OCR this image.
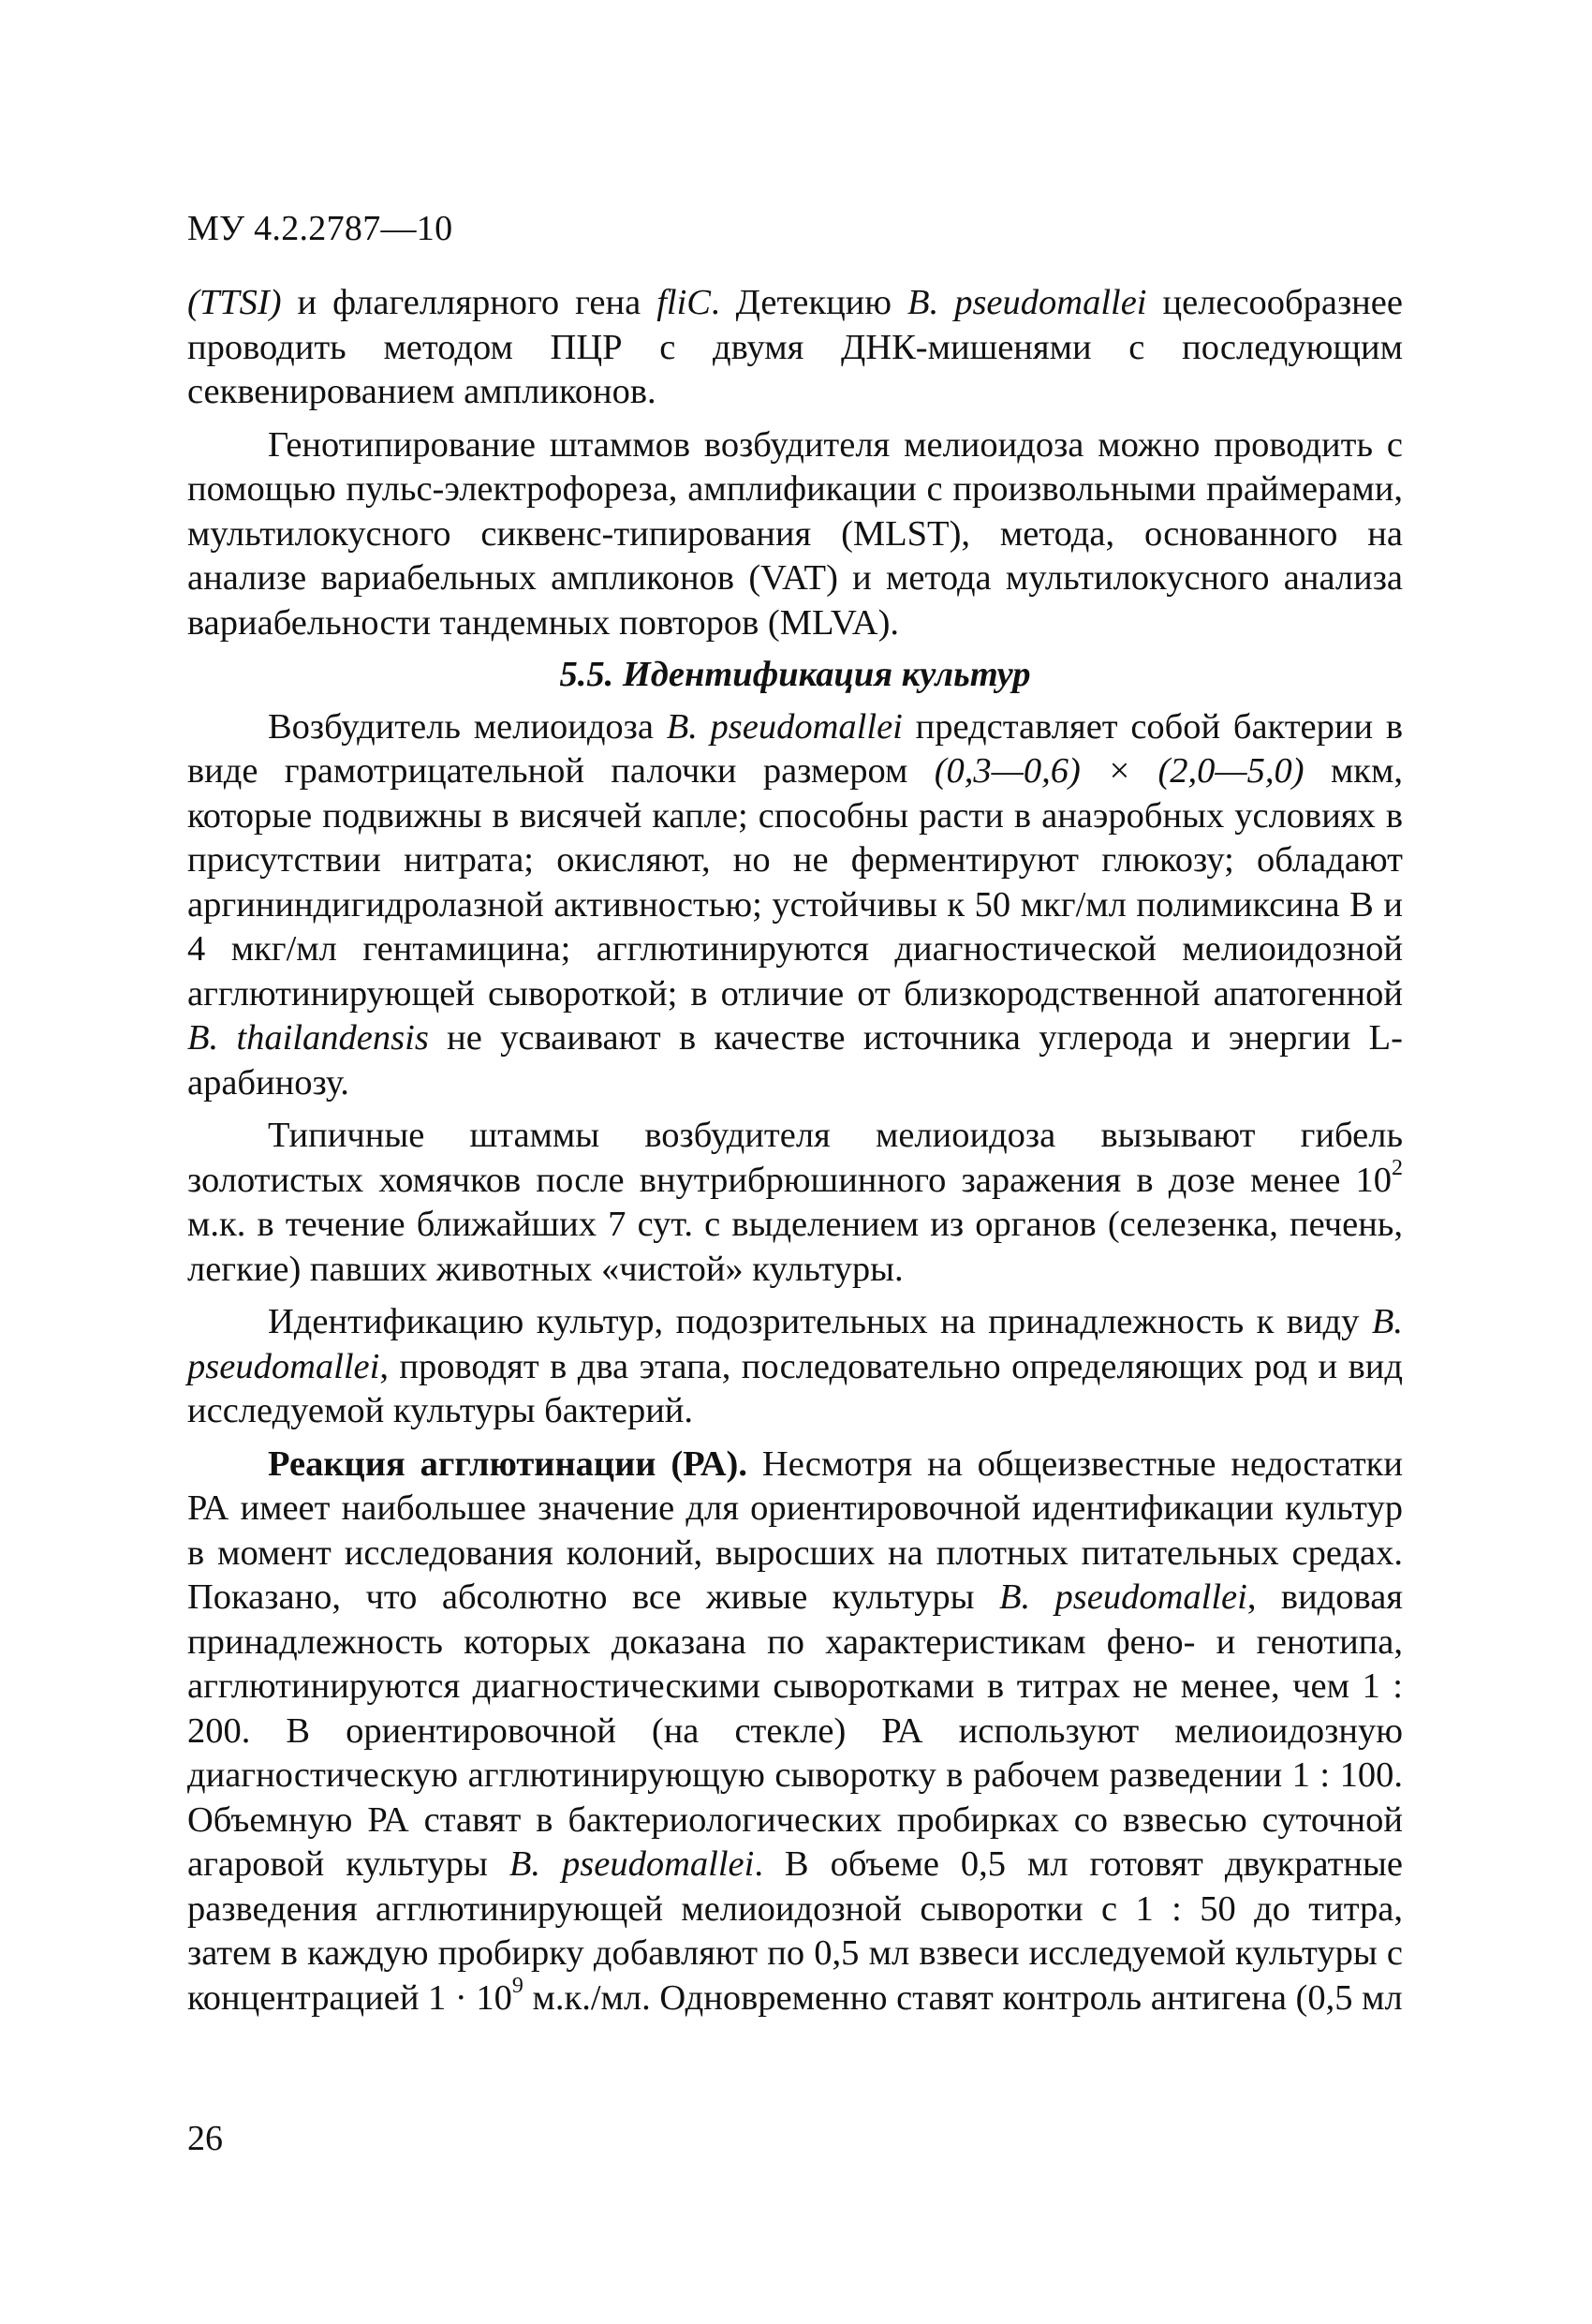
МУ 4.2.2787—10

(TTSI) и флагеллярного гена fliC. Детекцию B. pseudomallei целесообразнее проводить методом ПЦР с двумя ДНК-мишенями с последующим секвенированием ампликонов.

Генотипирование штаммов возбудителя мелиоидоза можно проводить с помощью пульс-электрофореза, амплификации с произвольными праймерами, мультилокусного сиквенс-типирования (MLST), метода, основанного на анализе вариабельных ампликонов (VAT) и метода мультилокусного анализа вариабельности тандемных повторов (MLVA).

5.5. Идентификация культур

Возбудитель мелиоидоза B. pseudomallei представляет собой бактерии в виде грамотрицательной палочки размером (0,3—0,6) × (2,0—5,0) мкм, которые подвижны в висячей капле; способны расти в анаэробных условиях в присутствии нитрата; окисляют, но не ферментируют глюкозу; обладают аргининдигидролазной активностью; устойчивы к 50 мкг/мл полимиксина В и 4 мкг/мл гентамицина; агглютинируются диагностической мелиоидозной агглютинирующей сывороткой; в отличие от близкородственной апатогенной B. thailandensis не усваивают в качестве источника углерода и энергии L-арабинозу.

Типичные штаммы возбудителя мелиоидоза вызывают гибель золотистых хомячков после внутрибрюшинного заражения в дозе менее $10^2$ м.к. в течение ближайших 7 сут. с выделением из органов (селезенка, печень, легкие) павших животных «чистой» культуры.

Идентификацию культур, подозрительных на принадлежность к виду B. pseudomallei, проводят в два этапа, последовательно определяющих род и вид исследуемой культуры бактерий.

Реакция агглютинации (РА). Несмотря на общеизвестные недостатки РА имеет наибольшее значение для ориентировочной идентификации культур в момент исследования колоний, выросших на плотных питательных средах. Показано, что абсолютно все живые культуры B. pseudomallei, видовая принадлежность которых доказана по характеристикам фено- и генотипа, агглютинируются диагностическими сыворотками в титрах не менее, чем 1 : 200. В ориентировочной (на стекле) РА используют мелиоидозную диагностическую агглютинирующую сыворотку в рабочем разведении 1 : 100. Объемную РА ставят в бактериологических пробирках со взвесью суточной агаровой культуры B. pseudomallei. В объеме 0,5 мл готовят двукратные разведения агглютинирующей мелиоидозной сыворотки с 1 : 50 до титра, затем в каждую пробирку добавляют по 0,5 мл взвеси исследуемой культуры с концентрацией $1 \cdot 10^9$ м.к./мл. Одновременно ставят контроль антигена (0,5 мл

26
